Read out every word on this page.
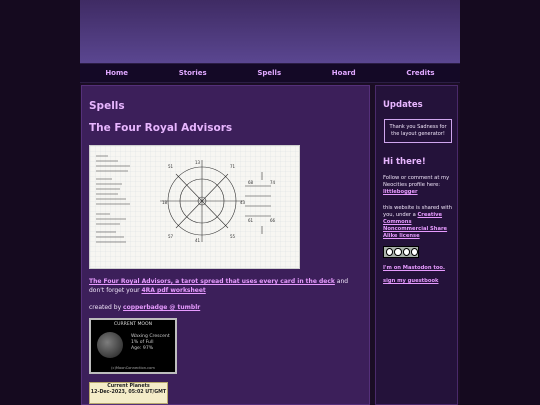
Home	Stories	Spells	Hoard	Credits
Spells
The Four Royal Advisors
51
13
71
18	43
57
41
55
68	74
61	66

The Four Royal Advisors, a tarot spread that uses every card in the deck and don't forget your 4RA pdf worksheet

created by copperbadge @ tumblr

CURRENT MOON
Waxing Crescent
1% of Full
Age: 97%
(c)MoonConnection.com
Current Planets
12-Dec-2023, 05:02 UT/GMT
Updates
Thank you Sadness for the layout generator!
Hi there!
Follow or comment at my Neocities profile here: littlebogger
this website is shared with you, under a Creative Commons Noncommercial Share Alike license
I'm on Mastodon too.
sign my guestbook
